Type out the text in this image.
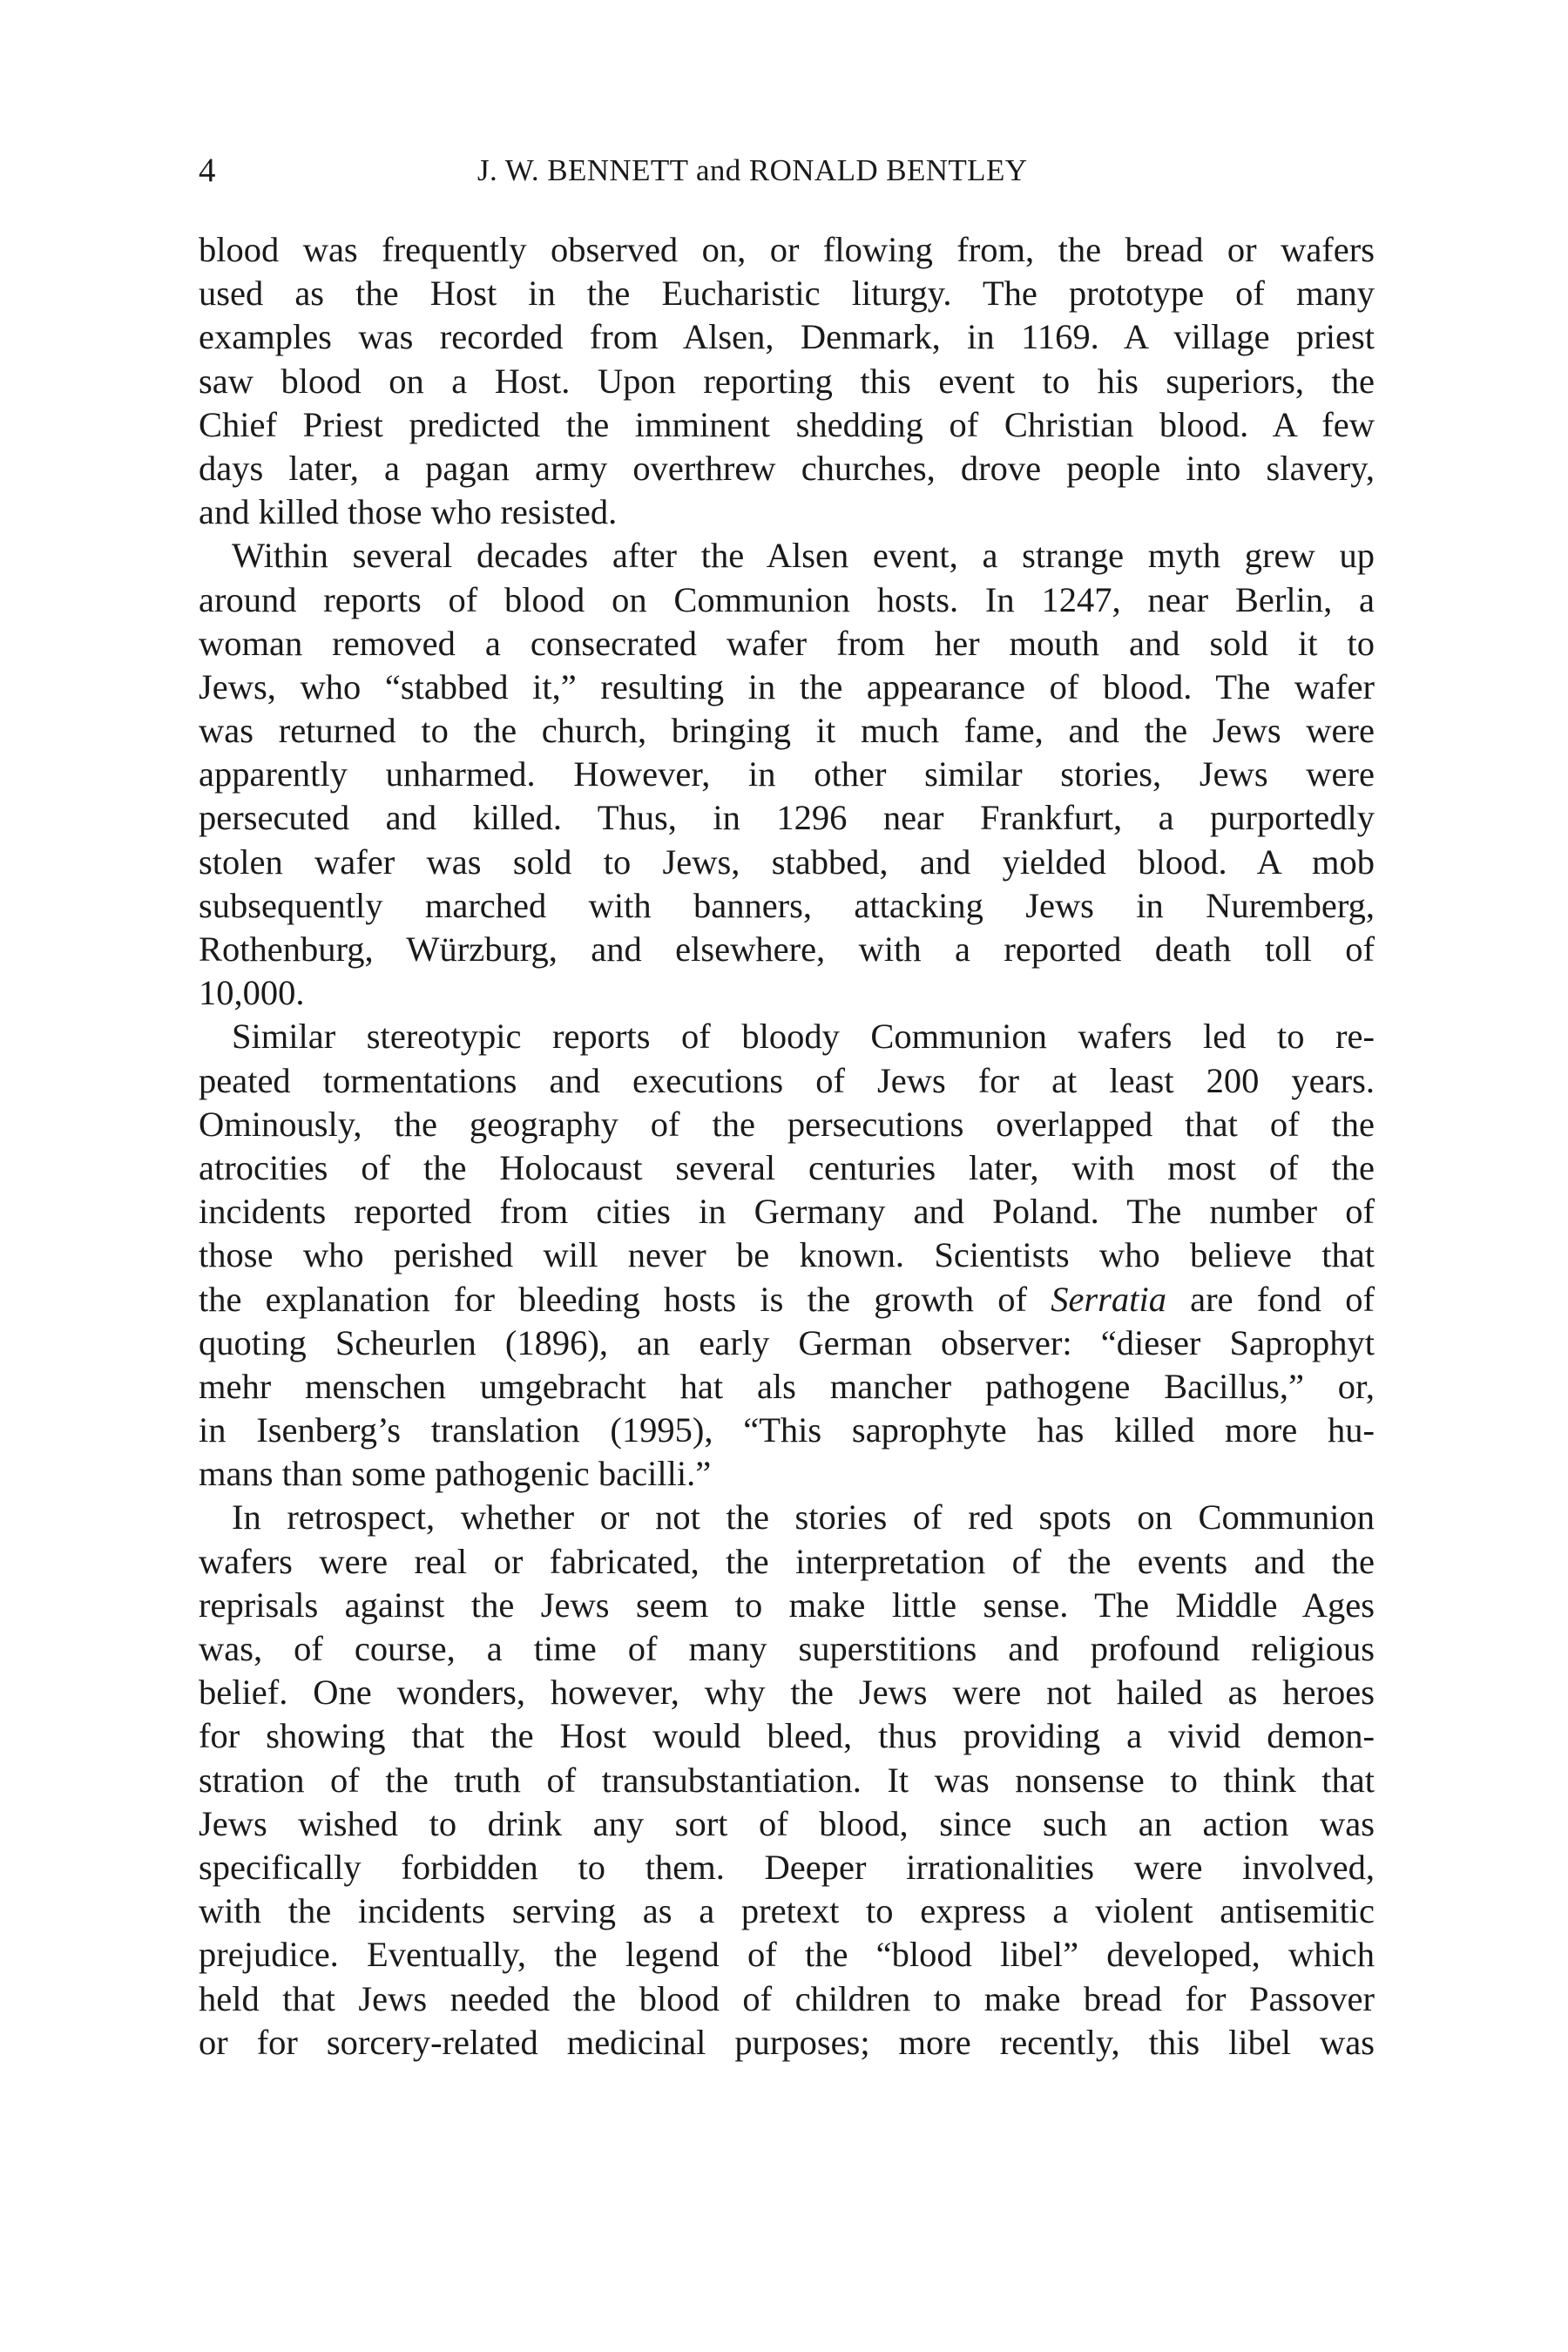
4	J. W. BENNETT and RONALD BENTLEY
blood was frequently observed on, or flowing from, the bread or wafers
used as the Host in the Eucharistic liturgy. The prototype of many
examples was recorded from Alsen, Denmark, in 1169. A village priest
saw blood on a Host. Upon reporting this event to his superiors, the
Chief Priest predicted the imminent shedding of Christian blood. A few
days later, a pagan army overthrew churches, drove people into slavery,
and killed those who resisted.
Within several decades after the Alsen event, a strange myth grew up
around reports of blood on Communion hosts. In 1247, near Berlin, a
woman removed a consecrated wafer from her mouth and sold it to
Jews, who “stabbed it,” resulting in the appearance of blood. The wafer
was returned to the church, bringing it much fame, and the Jews were
apparently unharmed. However, in other similar stories, Jews were
persecuted and killed. Thus, in 1296 near Frankfurt, a purportedly
stolen wafer was sold to Jews, stabbed, and yielded blood. A mob
subsequently marched with banners, attacking Jews in Nuremberg,
Rothenburg, Würzburg, and elsewhere, with a reported death toll of
10,000.
Similar stereotypic reports of bloody Communion wafers led to re-
peated tormentations and executions of Jews for at least 200 years.
Ominously, the geography of the persecutions overlapped that of the
atrocities of the Holocaust several centuries later, with most of the
incidents reported from cities in Germany and Poland. The number of
those who perished will never be known. Scientists who believe that
the explanation for bleeding hosts is the growth of Serratia are fond of
quoting Scheurlen (1896), an early German observer: “dieser Saprophyt
mehr menschen umgebracht hat als mancher pathogene Bacillus,” or,
in Isenberg’s translation (1995), “This saprophyte has killed more hu-
mans than some pathogenic bacilli.”
In retrospect, whether or not the stories of red spots on Communion
wafers were real or fabricated, the interpretation of the events and the
reprisals against the Jews seem to make little sense. The Middle Ages
was, of course, a time of many superstitions and profound religious
belief. One wonders, however, why the Jews were not hailed as heroes
for showing that the Host would bleed, thus providing a vivid demon-
stration of the truth of transubstantiation. It was nonsense to think that
Jews wished to drink any sort of blood, since such an action was
specifically forbidden to them. Deeper irrationalities were involved,
with the incidents serving as a pretext to express a violent antisemitic
prejudice. Eventually, the legend of the “blood libel” developed, which
held that Jews needed the blood of children to make bread for Passover
or for sorcery-related medicinal purposes; more recently, this libel was
